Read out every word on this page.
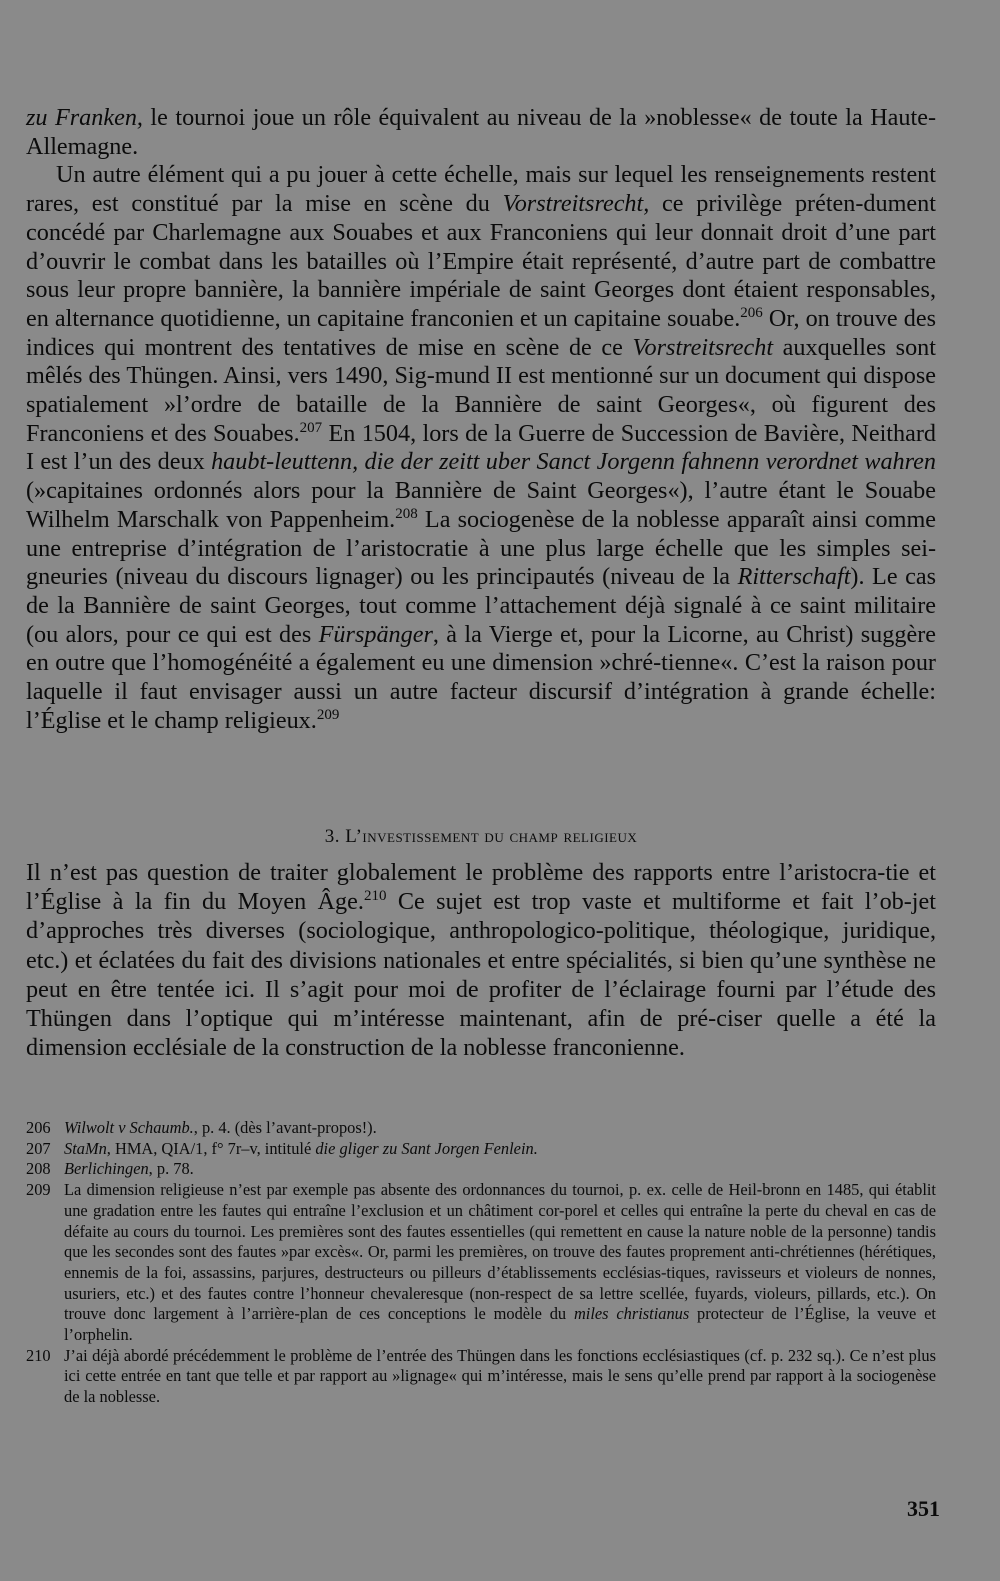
zu Franken, le tournoi joue un rôle équivalent au niveau de la »noblesse« de toute la Haute-Allemagne.

Un autre élément qui a pu jouer à cette échelle, mais sur lequel les renseignements restent rares, est constitué par la mise en scène du Vorstreitsrecht, ce privilège préten-dument concédé par Charlemagne aux Souabes et aux Franconiens qui leur donnait droit d’une part d’ouvrir le combat dans les batailles où l’Empire était représenté, d’autre part de combattre sous leur propre bannière, la bannière impériale de saint Georges dont étaient responsables, en alternance quotidienne, un capitaine franconien et un capitaine souabe.$^{206}$ Or, on trouve des indices qui montrent des tentatives de mise en scène de ce Vorstreitsrecht auxquelles sont mêlés des Thüngen. Ainsi, vers 1490, Sig-mund II est mentionné sur un document qui dispose spatialement »l’ordre de bataille de la Bannière de saint Georges«, où figurent des Franconiens et des Souabes.$^{207}$ En 1504, lors de la Guerre de Succession de Bavière, Neithard I est l’un des deux haubt-leuttenn, die der zeitt uber Sanct Jorgenn fahnenn verordnet wahren (»capitaines ordonnés alors pour la Bannière de Saint Georges«), l’autre étant le Souabe Wilhelm Marschalk von Pappenheim.$^{208}$ La sociogenèse de la noblesse apparaît ainsi comme une entreprise d’intégration de l’aristocratie à une plus large échelle que les simples sei-gneuries (niveau du discours lignager) ou les principautés (niveau de la Ritterschaft). Le cas de la Bannière de saint Georges, tout comme l’attachement déjà signalé à ce saint militaire (ou alors, pour ce qui est des Fürspänger, à la Vierge et, pour la Licorne, au Christ) suggère en outre que l’homogénéité a également eu une dimension »chré-tienne«. C’est la raison pour laquelle il faut envisager aussi un autre facteur discursif d’intégration à grande échelle: l’Église et le champ religieux.$^{209}$

3. L’investissement du champ religieux

Il n’est pas question de traiter globalement le problème des rapports entre l’aristocra-tie et l’Église à la fin du Moyen Âge.$^{210}$ Ce sujet est trop vaste et multiforme et fait l’ob-jet d’approches très diverses (sociologique, anthropologico-politique, théologique, juridique, etc.) et éclatées du fait des divisions nationales et entre spécialités, si bien qu’une synthèse ne peut en être tentée ici. Il s’agit pour moi de profiter de l’éclairage fourni par l’étude des Thüngen dans l’optique qui m’intéresse maintenant, afin de pré-ciser quelle a été la dimension ecclésiale de la construction de la noblesse franconienne.

206 Wilwolt v Schaumb., p. 4. (dès l’avant-propos!).
207 StaMn, HMA, QIA/1, f° 7r–v, intitulé die gliger zu Sant Jorgen Fenlein.
208 Berlichingen, p. 78.
209 La dimension religieuse n’est par exemple pas absente des ordonnances du tournoi, p. ex. celle de Heil-bronn en 1485, qui établit une gradation entre les fautes qui entraîne l’exclusion et un châtiment cor-porel et celles qui entraîne la perte du cheval en cas de défaite au cours du tournoi. Les premières sont des fautes essentielles (qui remettent en cause la nature noble de la personne) tandis que les secondes sont des fautes »par excès«. Or, parmi les premières, on trouve des fautes proprement anti-chrétiennes (hérétiques, ennemis de la foi, assassins, parjures, destructeurs ou pilleurs d’établissements ecclésias-tiques, ravisseurs et violeurs de nonnes, usuriers, etc.) et des fautes contre l’honneur chevaleresque (non-respect de sa lettre scellée, fuyards, violeurs, pillards, etc.). On trouve donc largement à l’arrière-plan de ces conceptions le modèle du miles christianus protecteur de l’Église, la veuve et l’orphelin.
210 J’ai déjà abordé précédemment le problème de l’entrée des Thüngen dans les fonctions ecclésiastiques (cf. p. 232 sq.). Ce n’est plus ici cette entrée en tant que telle et par rapport au »lignage« qui m’intéresse, mais le sens qu’elle prend par rapport à la sociogenèse de la noblesse.
351
